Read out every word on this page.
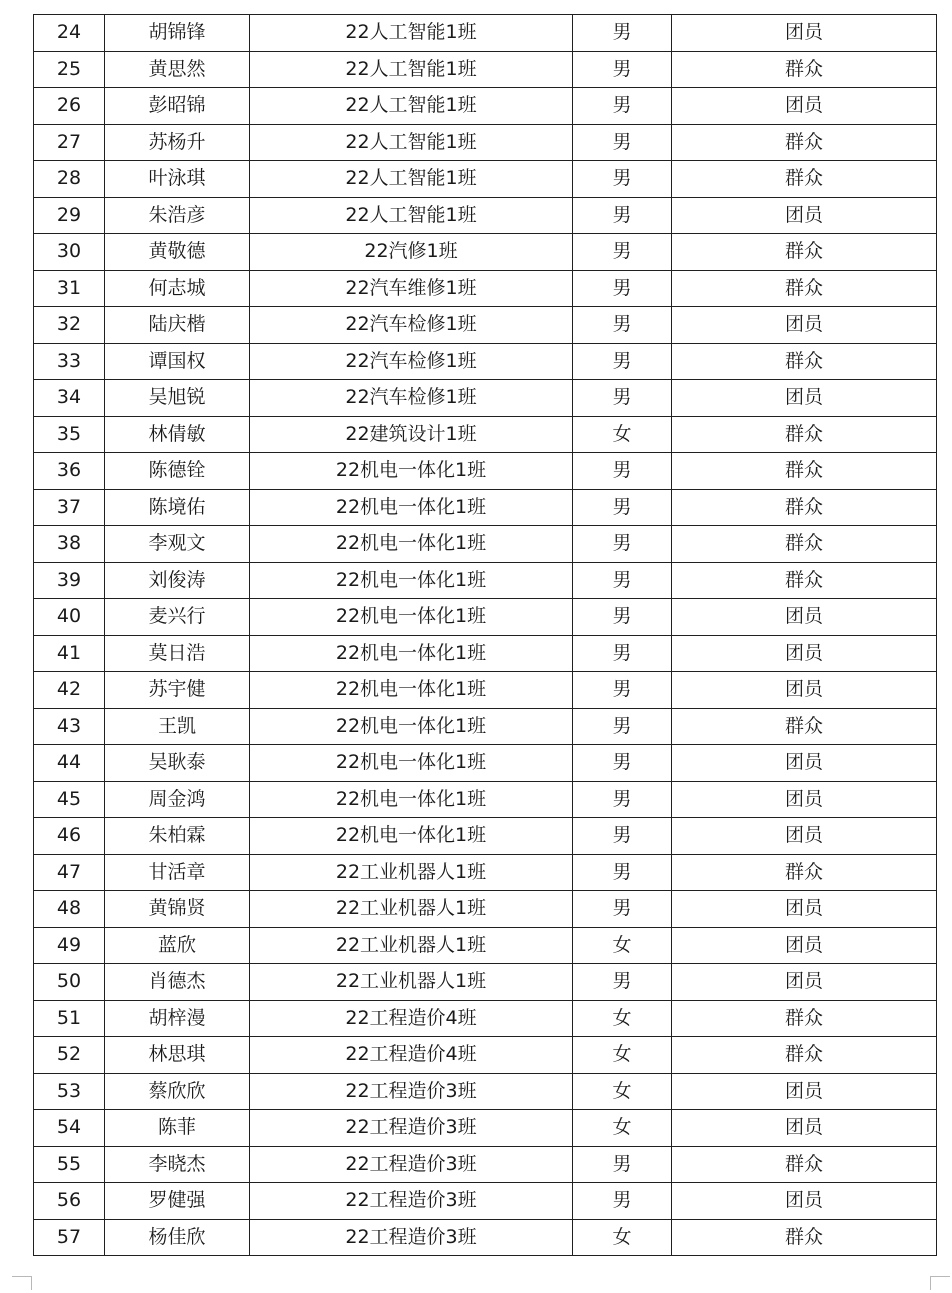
24	胡锦锋	22人工智能1班	男	团员
25	黄思然	22人工智能1班	男	群众
26	彭昭锦	22人工智能1班	男	团员
27	苏杨升	22人工智能1班	男	群众
28	叶泳琪	22人工智能1班	男	群众
29	朱浩彦	22人工智能1班	男	团员
30	黄敬德	22汽修1班	男	群众
31	何志城	22汽车维修1班	男	群众
32	陆庆楷	22汽车检修1班	男	团员
33	谭国权	22汽车检修1班	男	群众
34	吴旭锐	22汽车检修1班	男	团员
35	林倩敏	22建筑设计1班	女	群众
36	陈德铨	22机电一体化1班	男	群众
37	陈境佑	22机电一体化1班	男	群众
38	李观文	22机电一体化1班	男	群众
39	刘俊涛	22机电一体化1班	男	群众
40	麦兴行	22机电一体化1班	男	团员
41	莫日浩	22机电一体化1班	男	团员
42	苏宇健	22机电一体化1班	男	团员
43	王凯	22机电一体化1班	男	群众
44	吴耿泰	22机电一体化1班	男	团员
45	周金鸿	22机电一体化1班	男	团员
46	朱柏霖	22机电一体化1班	男	团员
47	甘活章	22工业机器人1班	男	群众
48	黄锦贤	22工业机器人1班	男	团员
49	蓝欣	22工业机器人1班	女	团员
50	肖德杰	22工业机器人1班	男	团员
51	胡梓漫	22工程造价4班	女	群众
52	林思琪	22工程造价4班	女	群众
53	蔡欣欣	22工程造价3班	女	团员
54	陈菲	22工程造价3班	女	团员
55	李晓杰	22工程造价3班	男	群众
56	罗健强	22工程造价3班	男	团员
57	杨佳欣	22工程造价3班	女	群众
